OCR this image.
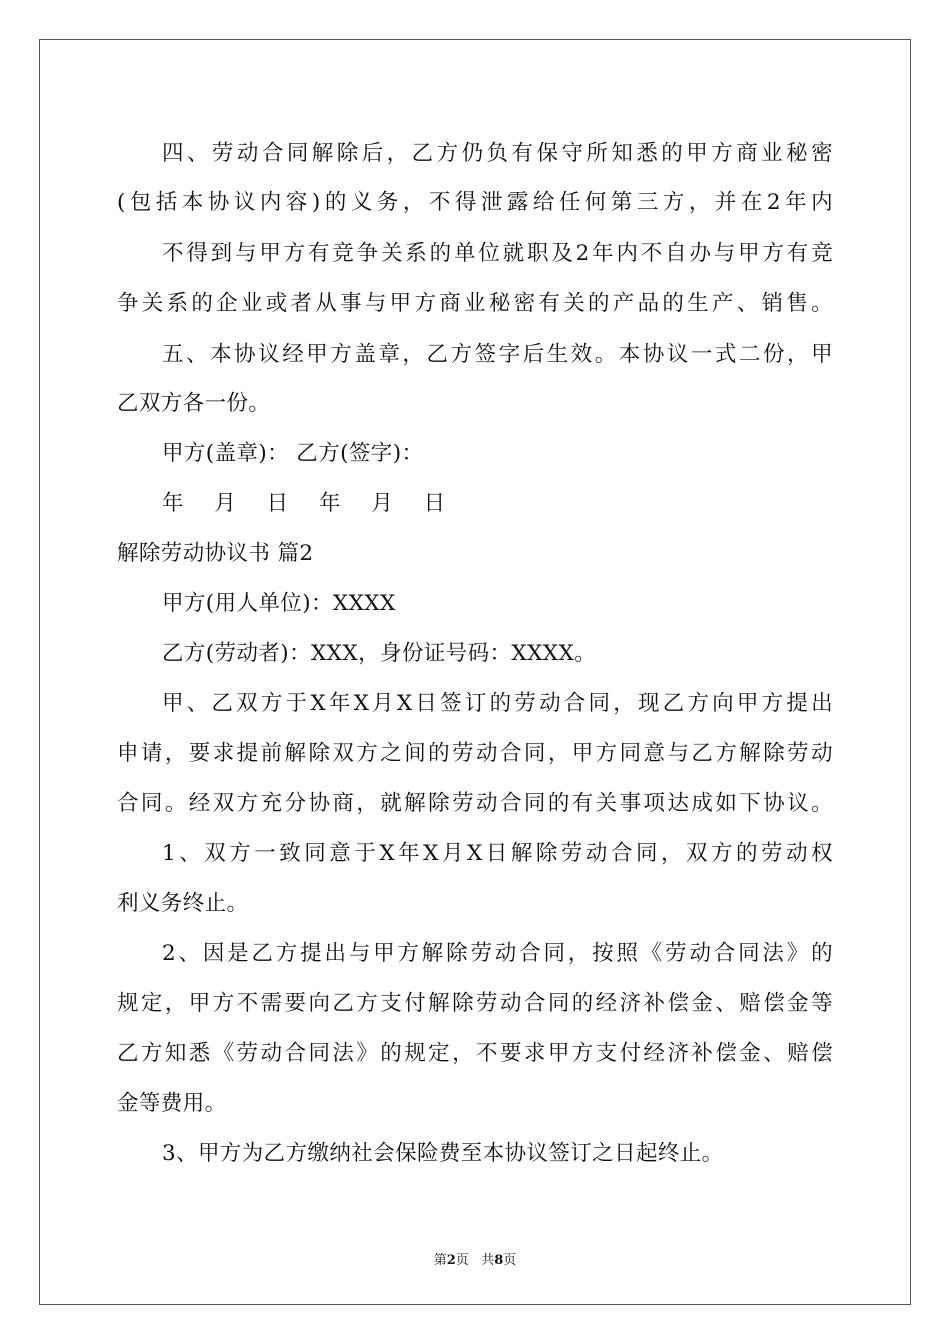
四、劳动合同解除后，乙方仍负有保守所知悉的甲方商业秘密
(包括本协议内容)的义务，不得泄露给任何第三方，并在2年内
不得到与甲方有竞争关系的单位就职及2年内不自办与甲方有竞
争关系的企业或者从事与甲方商业秘密有关的产品的生产、销售。
五、本协议经甲方盖章，乙方签字后生效。本协议一式二份，甲
乙双方各一份。
甲方(盖章)： 乙方(签字)：
年 月 日 年 月 日
解除劳动协议书 篇2
甲方(用人单位)：XXXX
乙方(劳动者)：XXX，身份证号码：XXXX。
甲、乙双方于X年X月X日签订的劳动合同，现乙方向甲方提出
申请，要求提前解除双方之间的劳动合同，甲方同意与乙方解除劳动
合同。经双方充分协商，就解除劳动合同的有关事项达成如下协议。
1、双方一致同意于X年X月X日解除劳动合同，双方的劳动权
利义务终止。
2、因是乙方提出与甲方解除劳动合同，按照《劳动合同法》的
规定，甲方不需要向乙方支付解除劳动合同的经济补偿金、赔偿金等
乙方知悉《劳动合同法》的规定，不要求甲方支付经济补偿金、赔偿
金等费用。
3、甲方为乙方缴纳社会保险费至本协议签订之日起终止。
第2页   共8页
